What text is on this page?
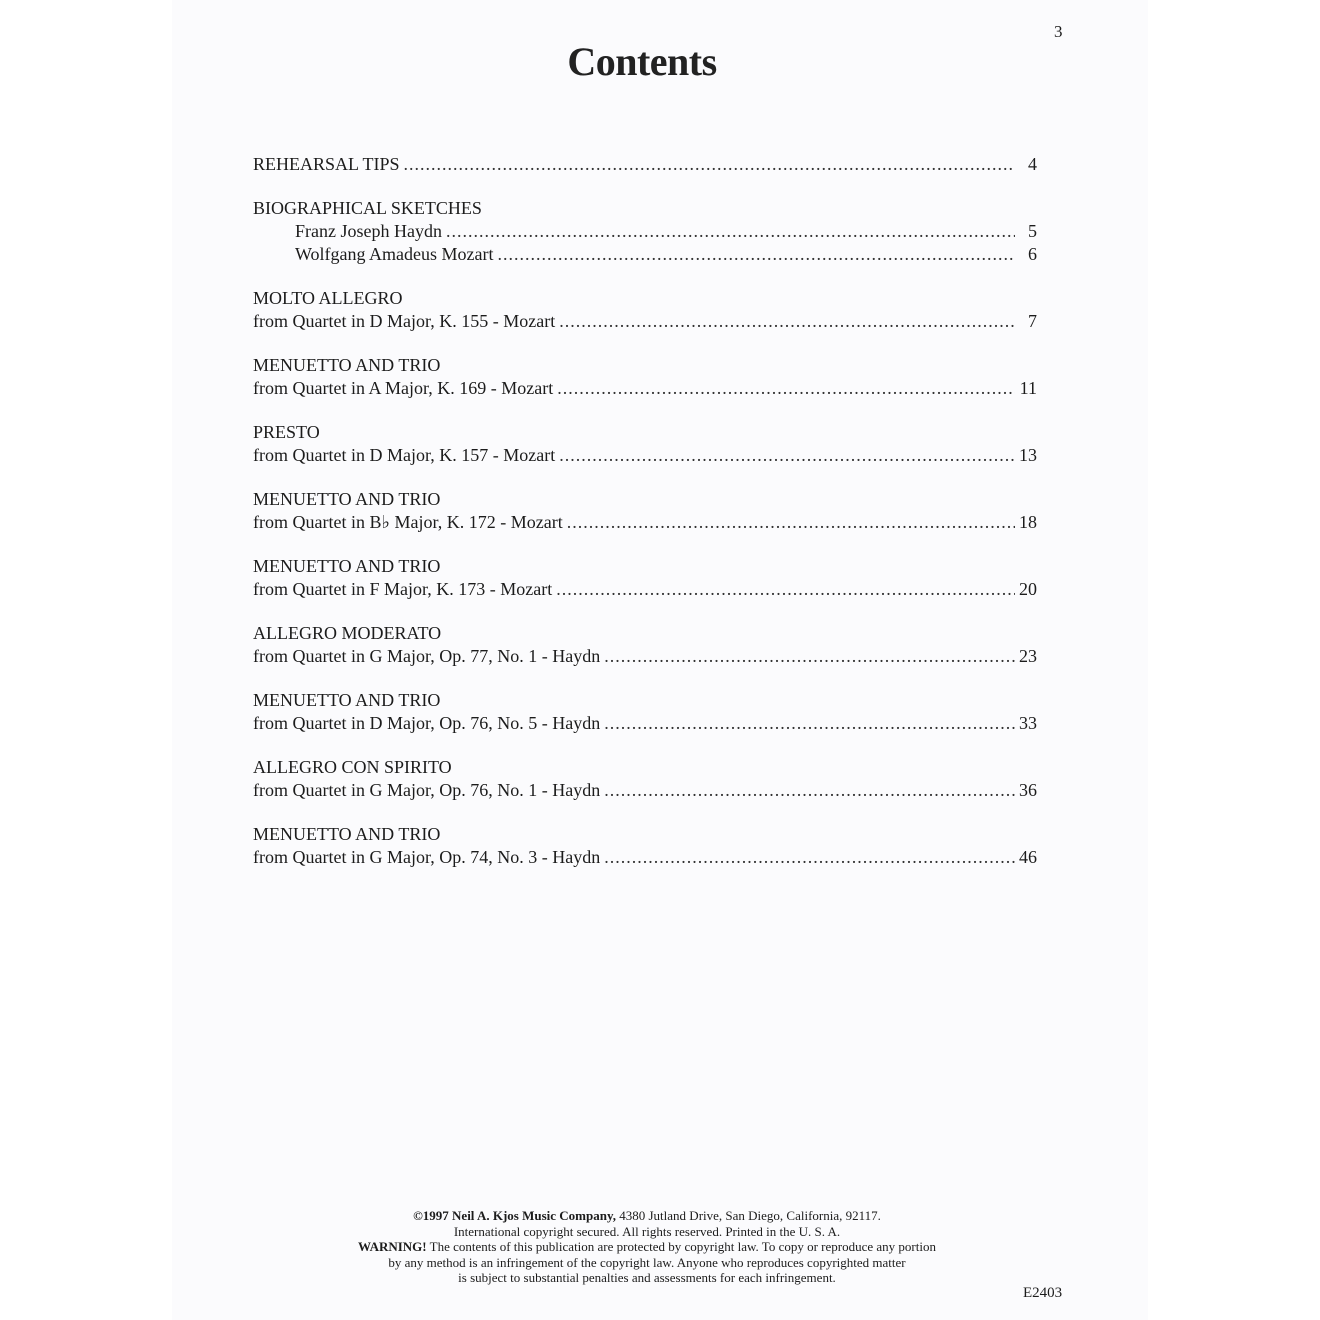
3
Contents
REHEARSAL TIPS .....	4
BIOGRAPHICAL SKETCHES
Franz Joseph Haydn .....	5
Wolfgang Amadeus Mozart .....	6
MOLTO ALLEGRO
from Quartet in D Major, K. 155 - Mozart .....	7
MENUETTO AND TRIO
from Quartet in A Major, K. 169 - Mozart .....	11
PRESTO
from Quartet in D Major, K. 157 - Mozart .....	13
MENUETTO AND TRIO
from Quartet in B♭ Major, K. 172 - Mozart .....	18
MENUETTO AND TRIO
from Quartet in F Major, K. 173 - Mozart .....	20
ALLEGRO MODERATO
from Quartet in G Major, Op. 77, No. 1 - Haydn .....	23
MENUETTO AND TRIO
from Quartet in D Major, Op. 76, No. 5 - Haydn .....	33
ALLEGRO CON SPIRITO
from Quartet in G Major, Op. 76, No. 1 - Haydn .....	36
MENUETTO AND TRIO
from Quartet in G Major, Op. 74, No. 3 - Haydn .....	46
©1997 Neil A. Kjos Music Company, 4380 Jutland Drive, San Diego, California, 92117.
International copyright secured. All rights reserved. Printed in the U. S. A.
WARNING! The contents of this publication are protected by copyright law. To copy or reproduce any portion
by any method is an infringement of the copyright law. Anyone who reproduces copyrighted matter
is subject to substantial penalties and assessments for each infringement.
E2403
